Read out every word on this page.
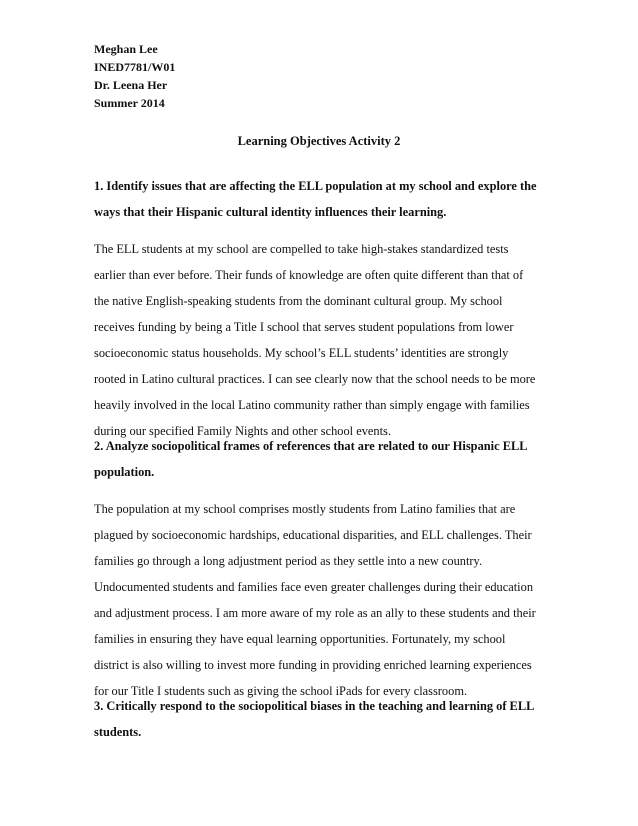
Meghan Lee
INED7781/W01
Dr. Leena Her
Summer 2014
Learning Objectives Activity 2
1. Identify issues that are affecting the ELL population at my school and explore the
ways that their Hispanic cultural identity influences their learning.
The ELL students at my school are compelled to take high-stakes standardized tests
earlier than ever before. Their funds of knowledge are often quite different than that of
the native English-speaking students from the dominant cultural group. My school
receives funding by being a Title I school that serves student populations from lower
socioeconomic status households. My school’s ELL students’ identities are strongly
rooted in Latino cultural practices. I can see clearly now that the school needs to be more
heavily involved in the local Latino community rather than simply engage with families
during our specified Family Nights and other school events.
2. Analyze sociopolitical frames of references that are related to our Hispanic ELL
population.
The population at my school comprises mostly students from Latino families that are
plagued by socioeconomic hardships, educational disparities, and ELL challenges. Their
families go through a long adjustment period as they settle into a new country.
Undocumented students and families face even greater challenges during their education
and adjustment process. I am more aware of my role as an ally to these students and their
families in ensuring they have equal learning opportunities. Fortunately, my school
district is also willing to invest more funding in providing enriched learning experiences
for our Title I students such as giving the school iPads for every classroom.
3. Critically respond to the sociopolitical biases in the teaching and learning of ELL
students.
